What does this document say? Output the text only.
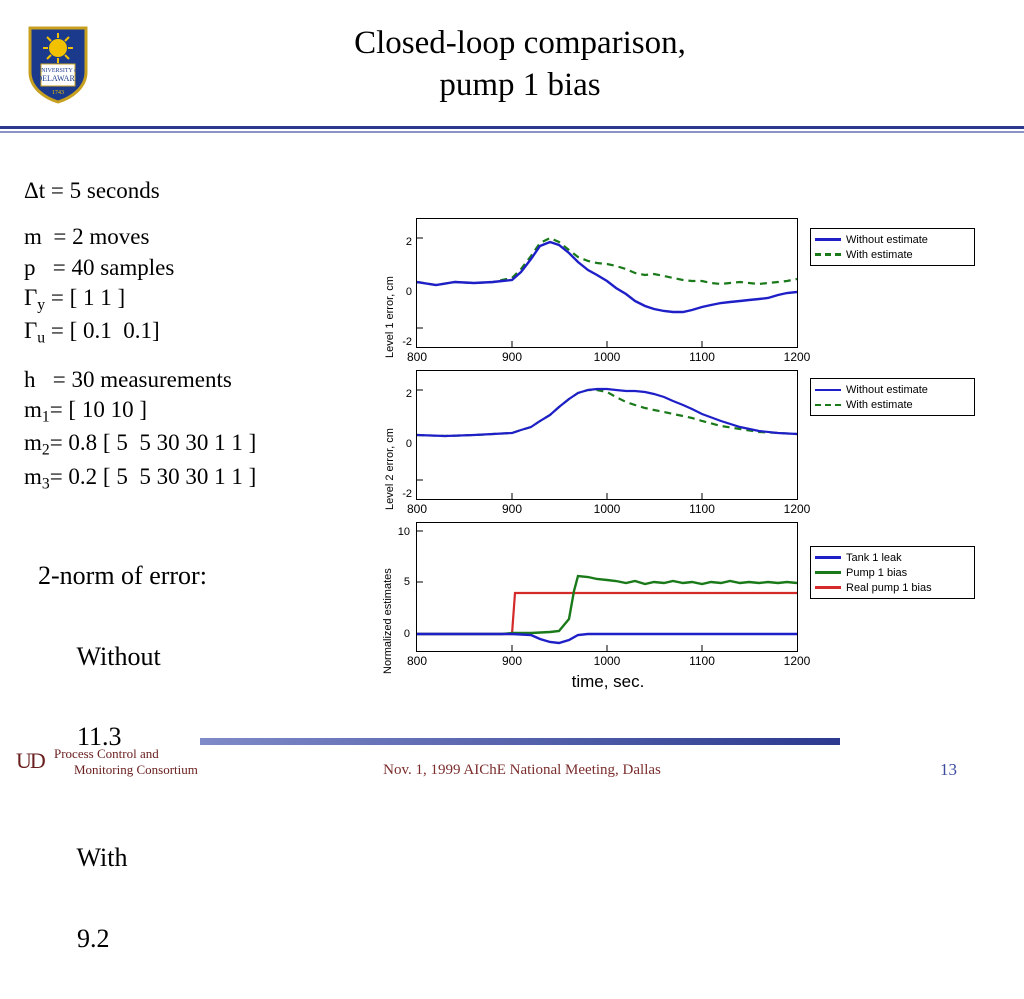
UNIVERSITY of
DELAWARE
1743
Closed-loop comparison,
pump 1 bias
Δt = 5 seconds
m  = 2 moves
p   = 40 samples
$\Gamma_y$ = [ 1 1 ]
$\Gamma_u$ = [ 0.1  0.1]
h   = 30 measurements
$m_1=$ [ 10 10 ]
$m_2= 0.8$ [ 5  5 30 30 1 1 ]
$m_3= 0.2$ [ 5  5 30 30 1 1 ]
2-norm of error:

Without

11.3

With

9.2

Level 1 error, cm
2
0
-2
800	900	1000	1100	1200
Without estimate
With estimate
Level 2 error, cm
2
0
-2
800	900	1000	1100	1200
Without estimate
With estimate
Normalized estimates
10
5
0
800	900	1000	1100	1200
Tank 1 leak
Pump 1 bias
Real pump 1 bias
time, sec.
UD Process Control and
Monitoring Consortium	Nov. 1, 1999 AIChE National Meeting, Dallas	13
